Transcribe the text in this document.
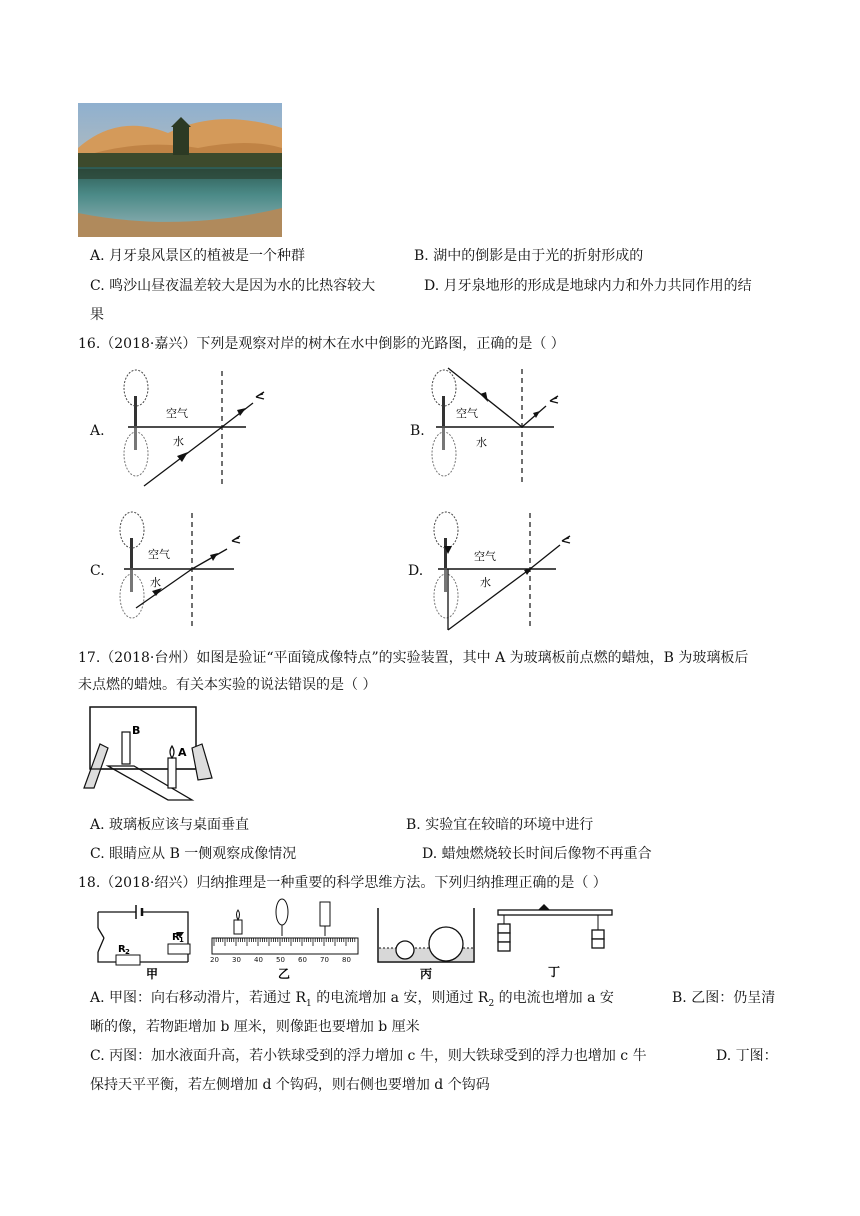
A. 月牙泉风景区的植被是一个种群	B. 湖中的倒影是由于光的折射形成的
C. 鸣沙山昼夜温差较大是因为水的比热容较大	D. 月牙泉地形的形成是地球内力和外力共同作用的结
果
16.（2018·嘉兴）下列是观察对岸的树木在水中倒影的光路图，正确的是（ ）
A.	B.
C.	D.
空气
水
空气
水
空气
水
空气
水
17.（2018·台州）如图是验证“平面镜成像特点”的实验装置，其中 A 为玻璃板前点燃的蜡烛，B 为玻璃板后
未点燃的蜡烛。有关本实验的说法错误的是（ ）
B
A
A. 玻璃板应该与桌面垂直	B. 实验宜在较暗的环境中进行
C. 眼睛应从 B 一侧观察成像情况	D. 蜡烛燃烧较长时间后像物不再重合
18.（2018·绍兴）归纳推理是一种重要的科学思维方法。下列归纳推理正确的是（ ）
R 2
R 1
甲
20 30 40 50 60 70 80
乙	丙	丁
A. 甲图：向右移动滑片，若通过 $R_1$ 的电流增加 a 安，则通过 $R_2$ 的电流也增加 a 安	B. 乙图：仍呈清
晰的像，若物距增加 b 厘米，则像距也要增加 b 厘米
C. 丙图：加水液面升高，若小铁球受到的浮力增加 c 牛，则大铁球受到的浮力也增加 c 牛	D. 丁图：
保持天平平衡，若左侧增加 d 个钩码，则右侧也要增加 d 个钩码
